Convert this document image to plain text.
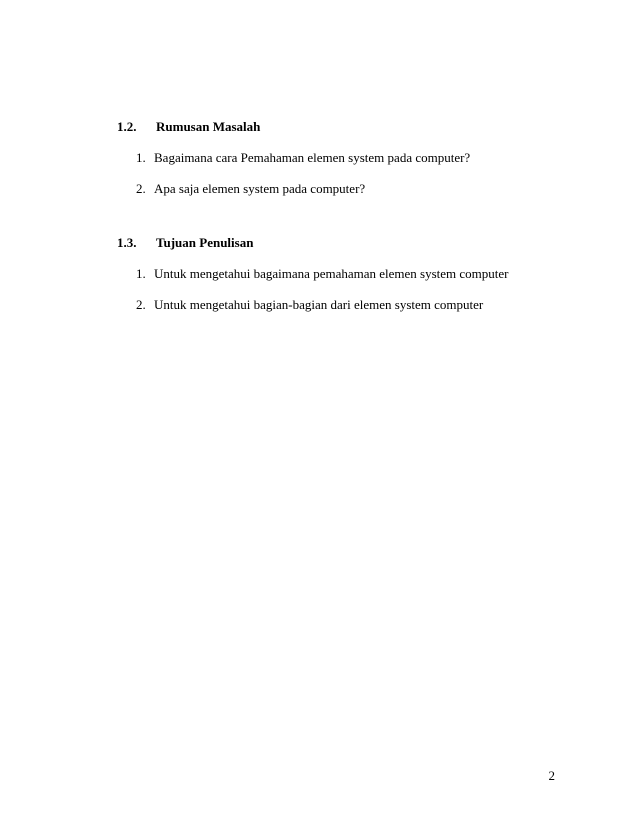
1.2.	Rumusan Masalah
1. Bagaimana cara Pemahaman elemen system pada computer?
2. Apa saja elemen system pada computer?
1.3.	Tujuan Penulisan
1. Untuk mengetahui bagaimana pemahaman elemen system computer
2. Untuk mengetahui bagian-bagian dari elemen system computer
2
